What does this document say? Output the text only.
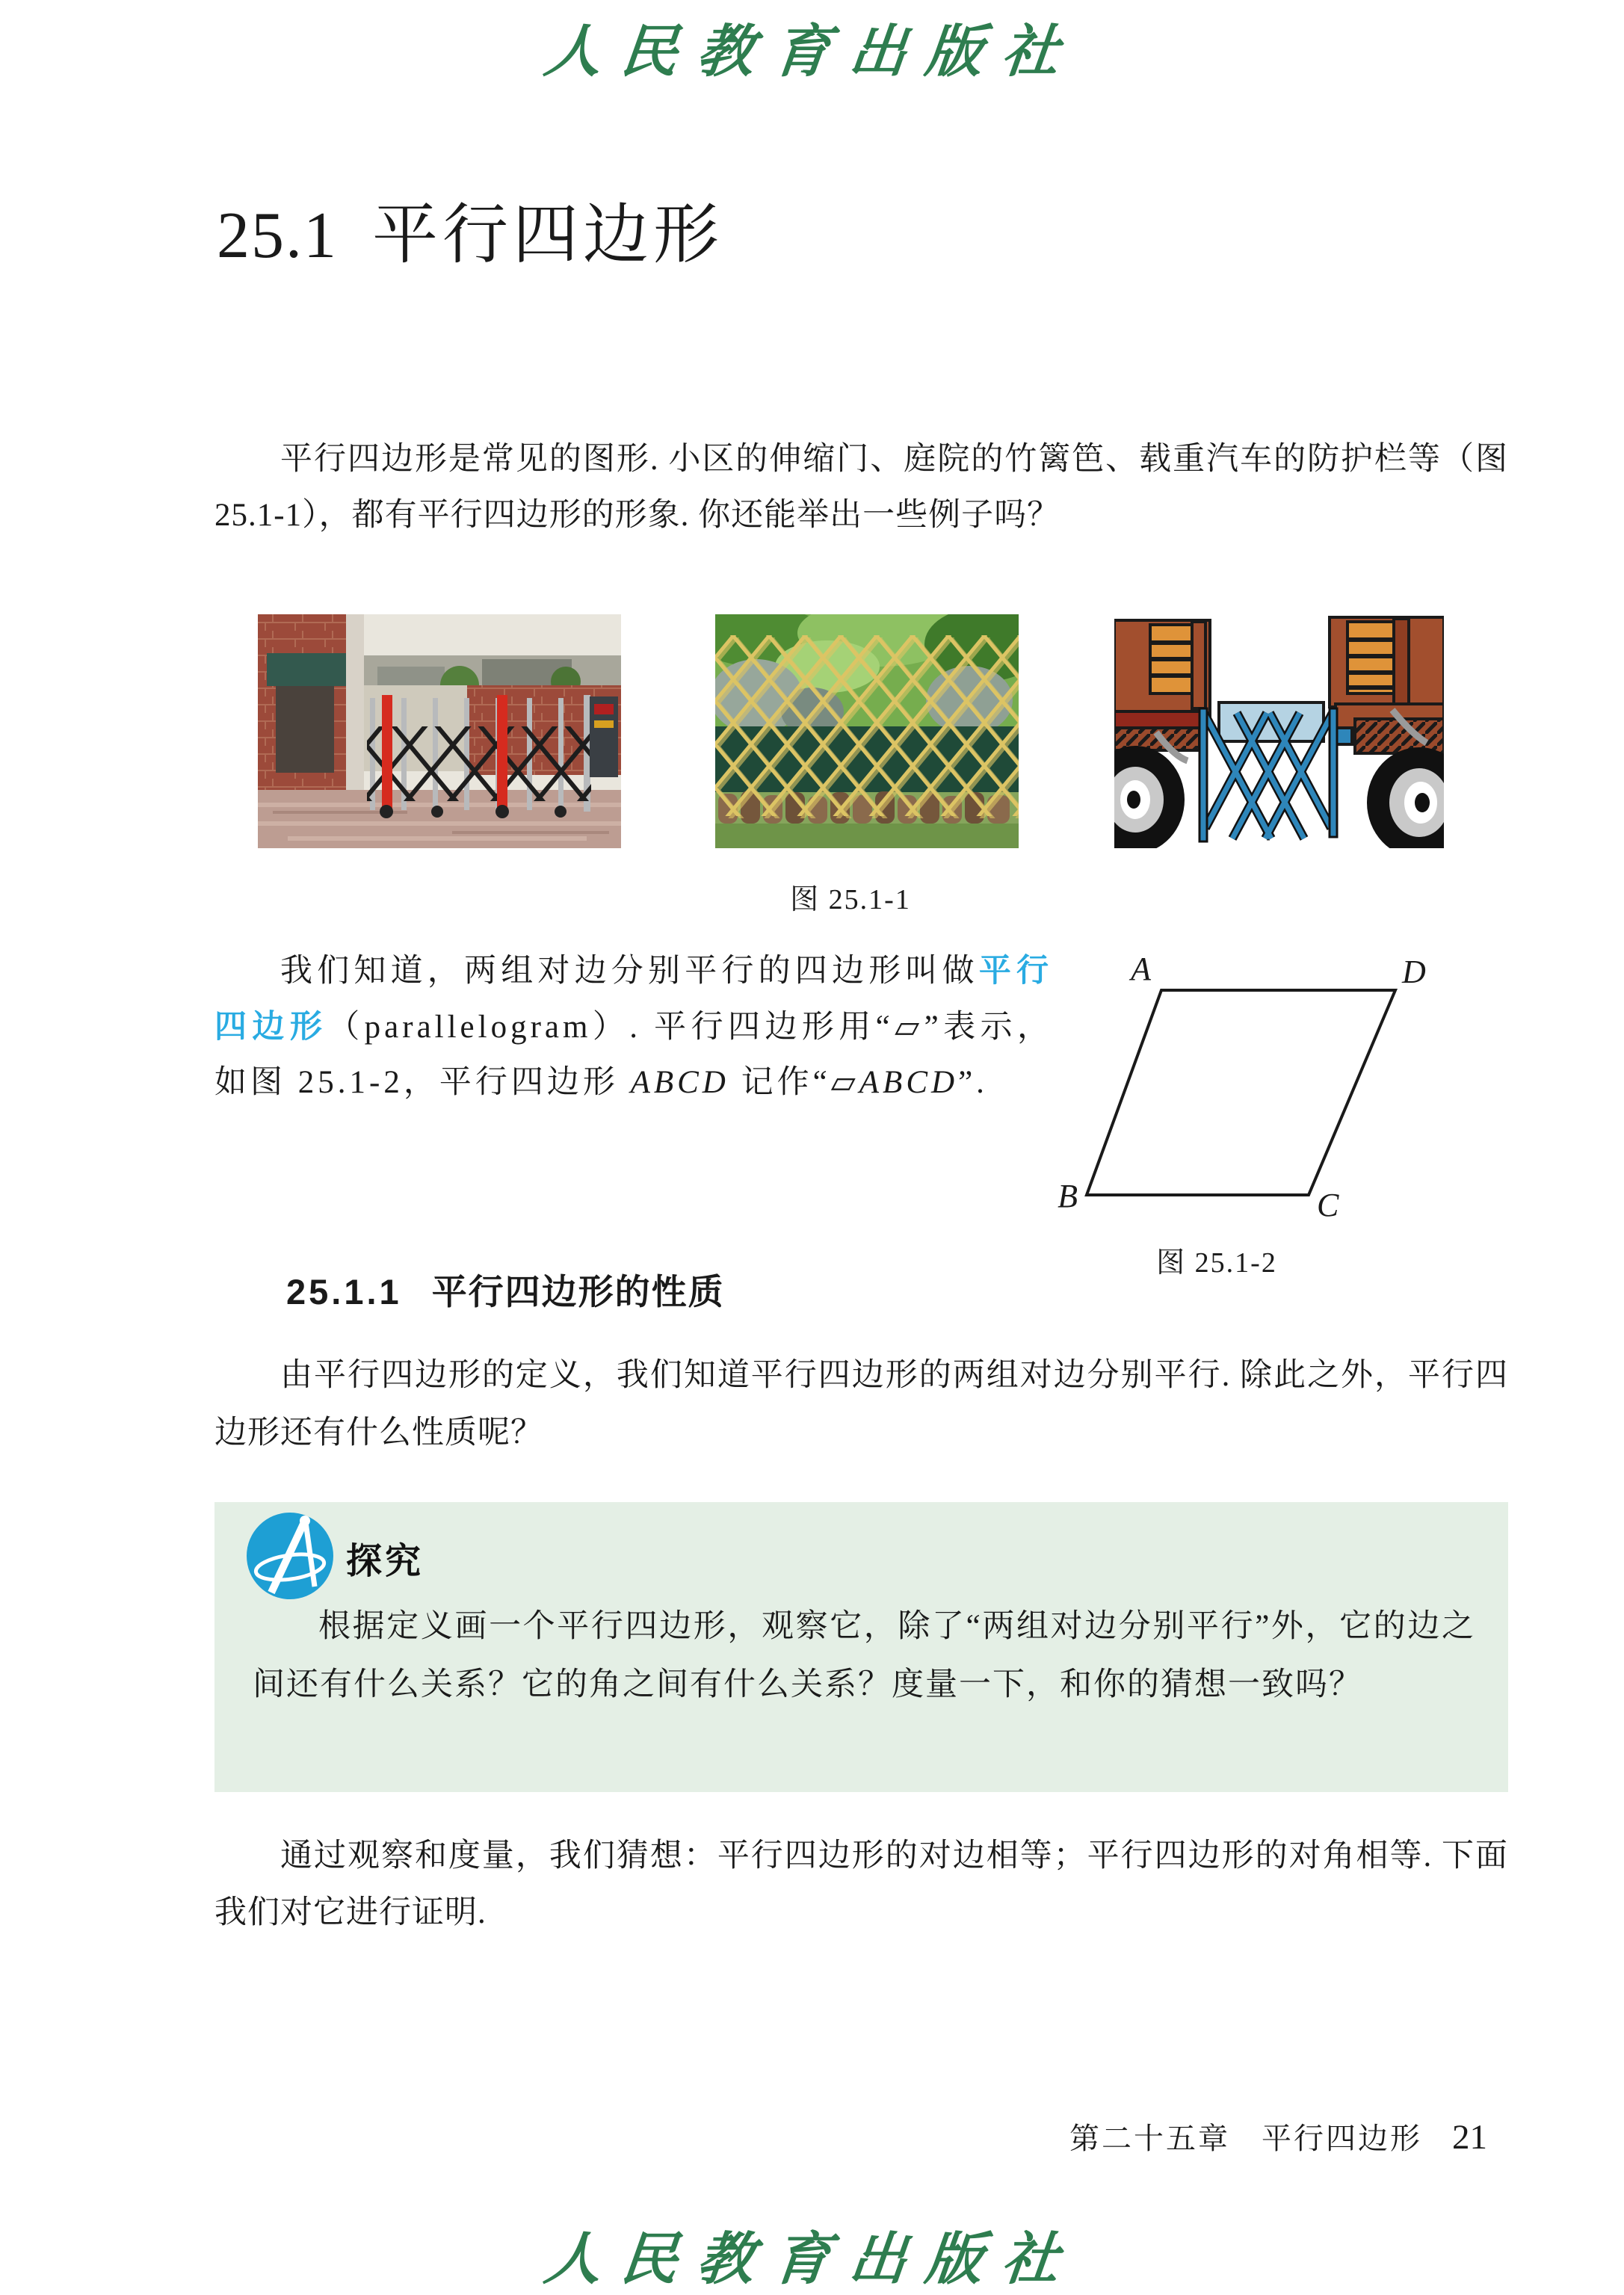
人民教育出版社
25.1 平行四边形
平行四边形是常见的图形. 小区的伸缩门、庭院的竹篱笆、载重汽车的防护栏等（图 25.1-1），都有平行四边形的形象. 你还能举出一些例子吗？
图 25.1-1
我们知道，两组对边分别平行的四边形叫做平行四边形（parallelogram）. 平行四边形用“▱”表示，如图 25.1-2，平行四边形 ABCD 记作“▱ABCD”.
A	D
B	C
图 25.1-2
25.1.1 平行四边形的性质
由平行四边形的定义，我们知道平行四边形的两组对边分别平行. 除此之外，平行四边形还有什么性质呢？
探究
根据定义画一个平行四边形，观察它，除了“两组对边分别平行”外，它的边之间还有什么关系？它的角之间有什么关系？度量一下，和你的猜想一致吗？
通过观察和度量，我们猜想：平行四边形的对边相等；平行四边形的对角相等. 下面我们对它进行证明.
第二十五章 平行四边形 21
人民教育出版社
